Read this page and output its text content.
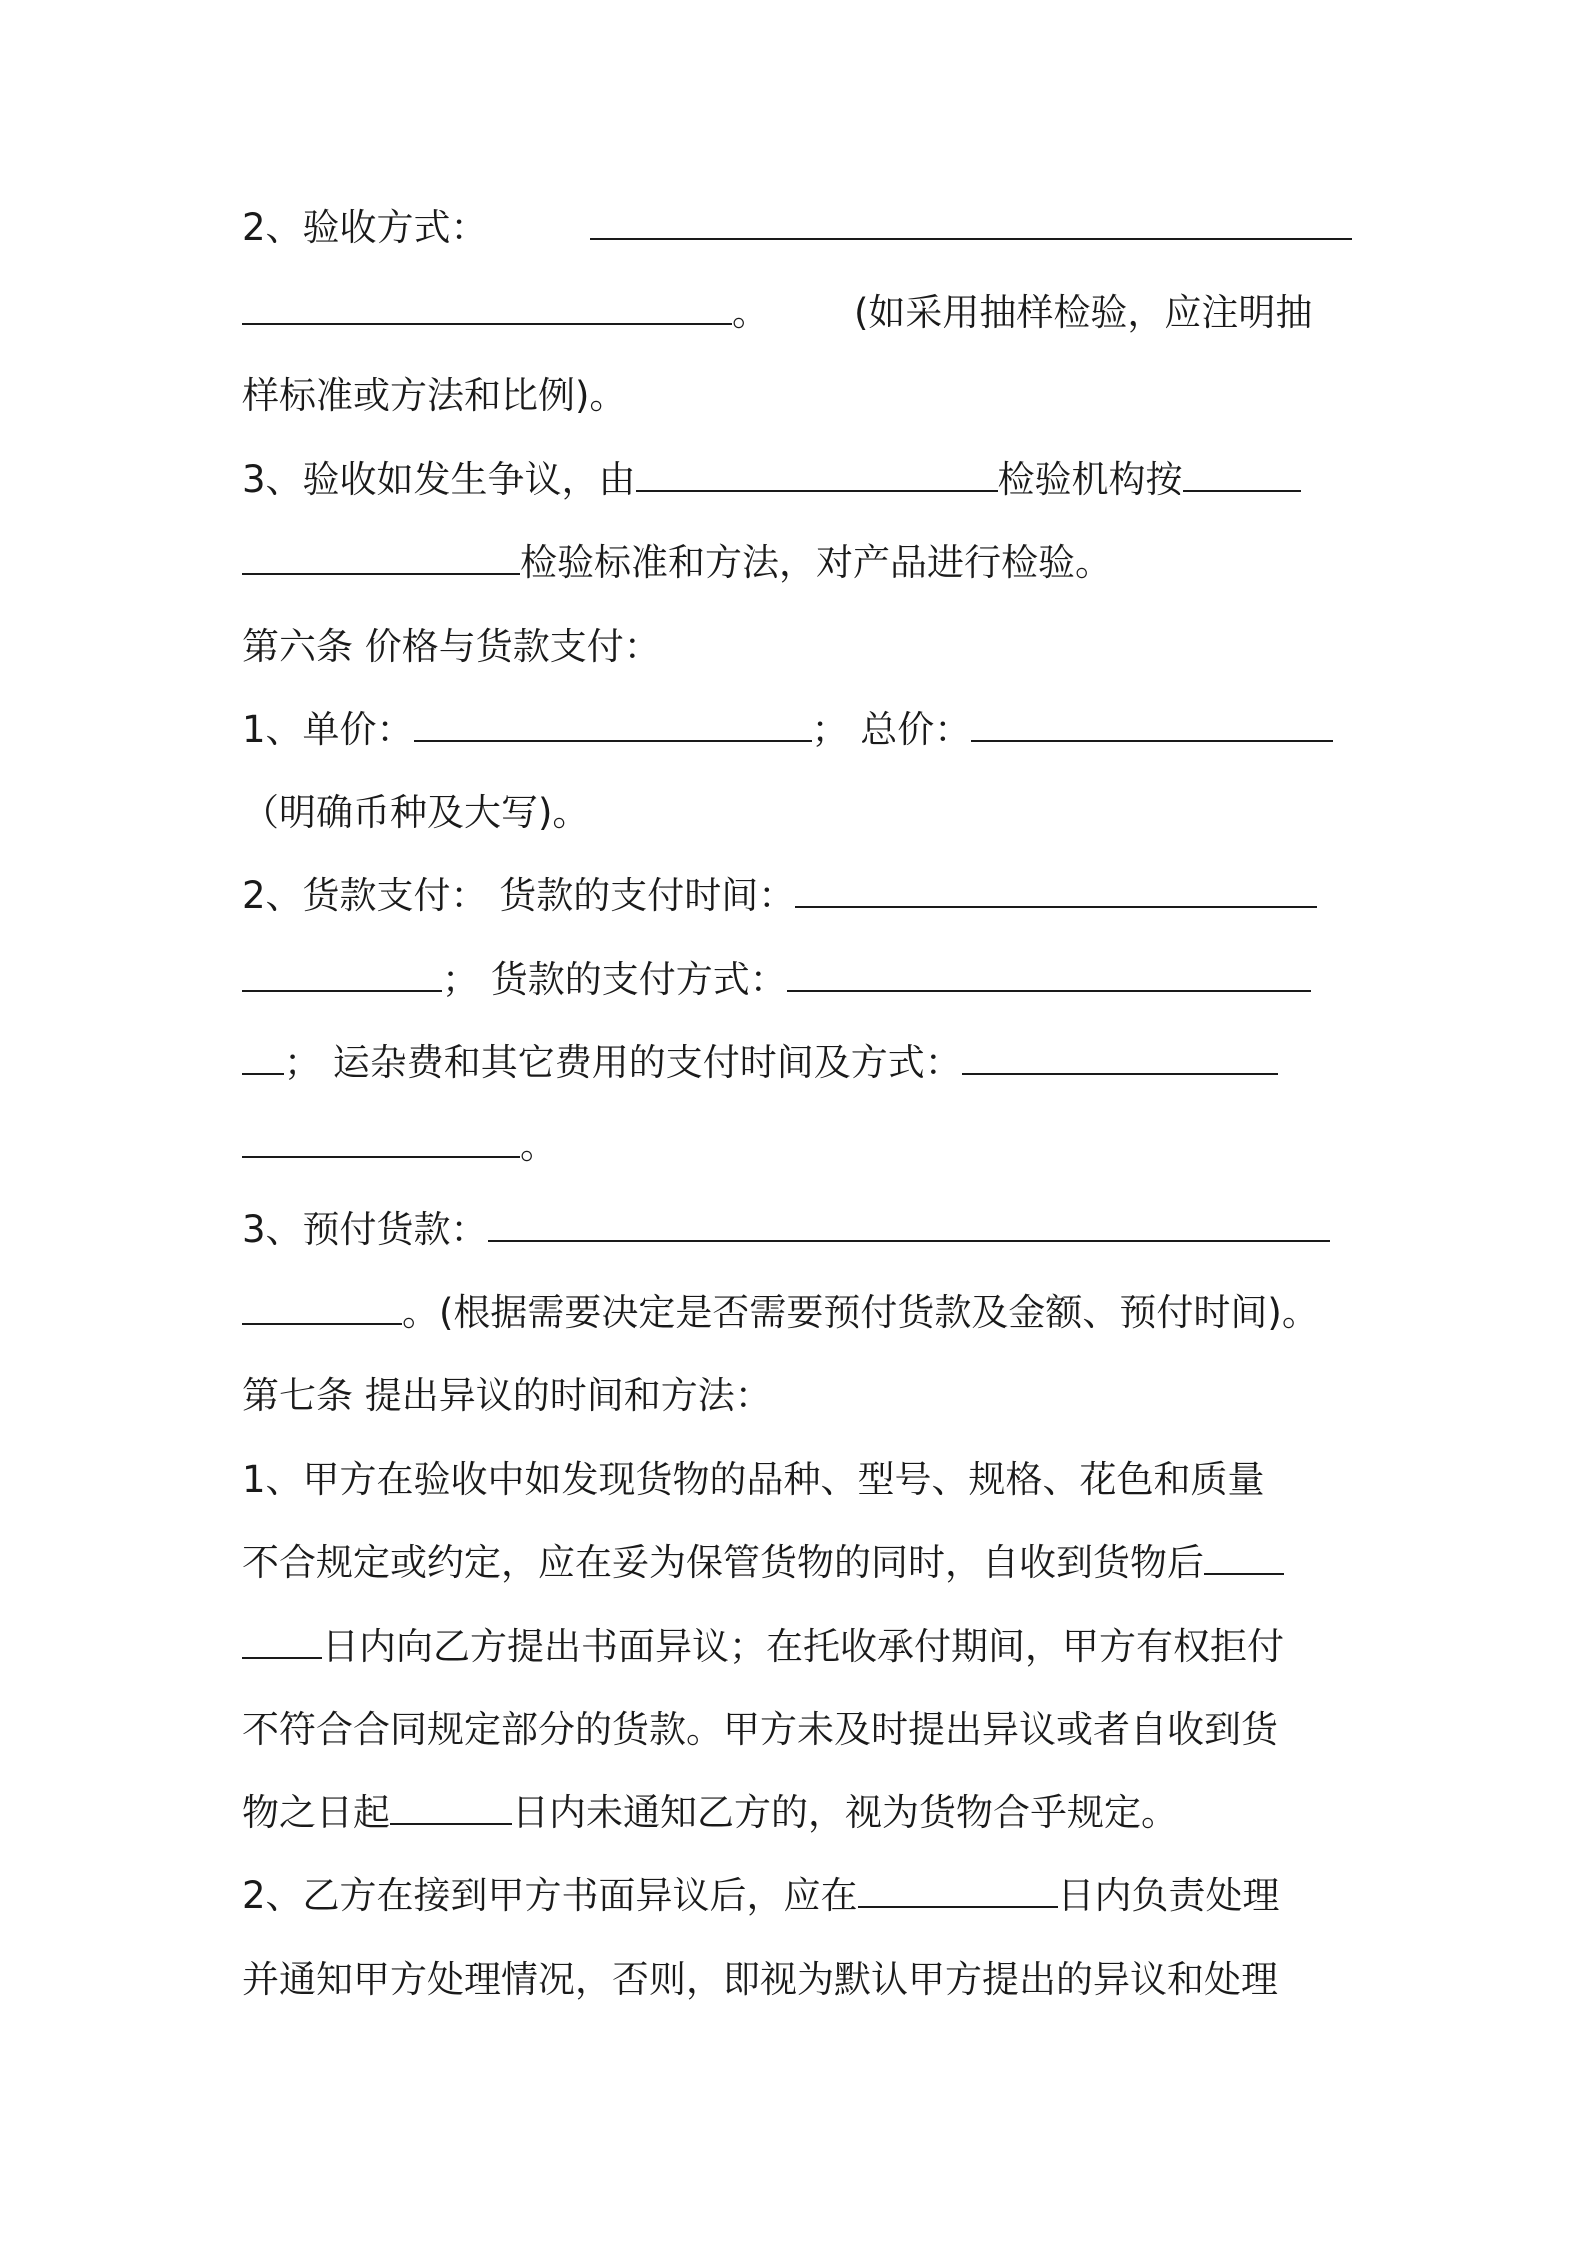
2、验收方式：
。 (如采用抽样检验，应注明抽
样标准或方法和比例)。
3、验收如发生争议，由	检验机构按
检验标准和方法，对产品进行检验。
第六条 价格与货款支付：
1、单价：	； 总价：
（明确币种及大写)。
2、货款支付： 货款的支付时间：
； 货款的支付方式：
； 运杂费和其它费用的支付时间及方式：
。
3、预付货款：
。(根据需要决定是否需要预付货款及金额、预付时间)。
第七条 提出异议的时间和方法：
1、甲方在验收中如发现货物的品种、型号、规格、花色和质量
不合规定或约定，应在妥为保管货物的同时，自收到货物后
日内向乙方提出书面异议；在托收承付期间，甲方有权拒付
不符合合同规定部分的货款。甲方未及时提出异议或者自收到货
物之日起	日内未通知乙方的，视为货物合乎规定。
2、乙方在接到甲方书面异议后，应在	日内负责处理
并通知甲方处理情况，否则，即视为默认甲方提出的异议和处理
